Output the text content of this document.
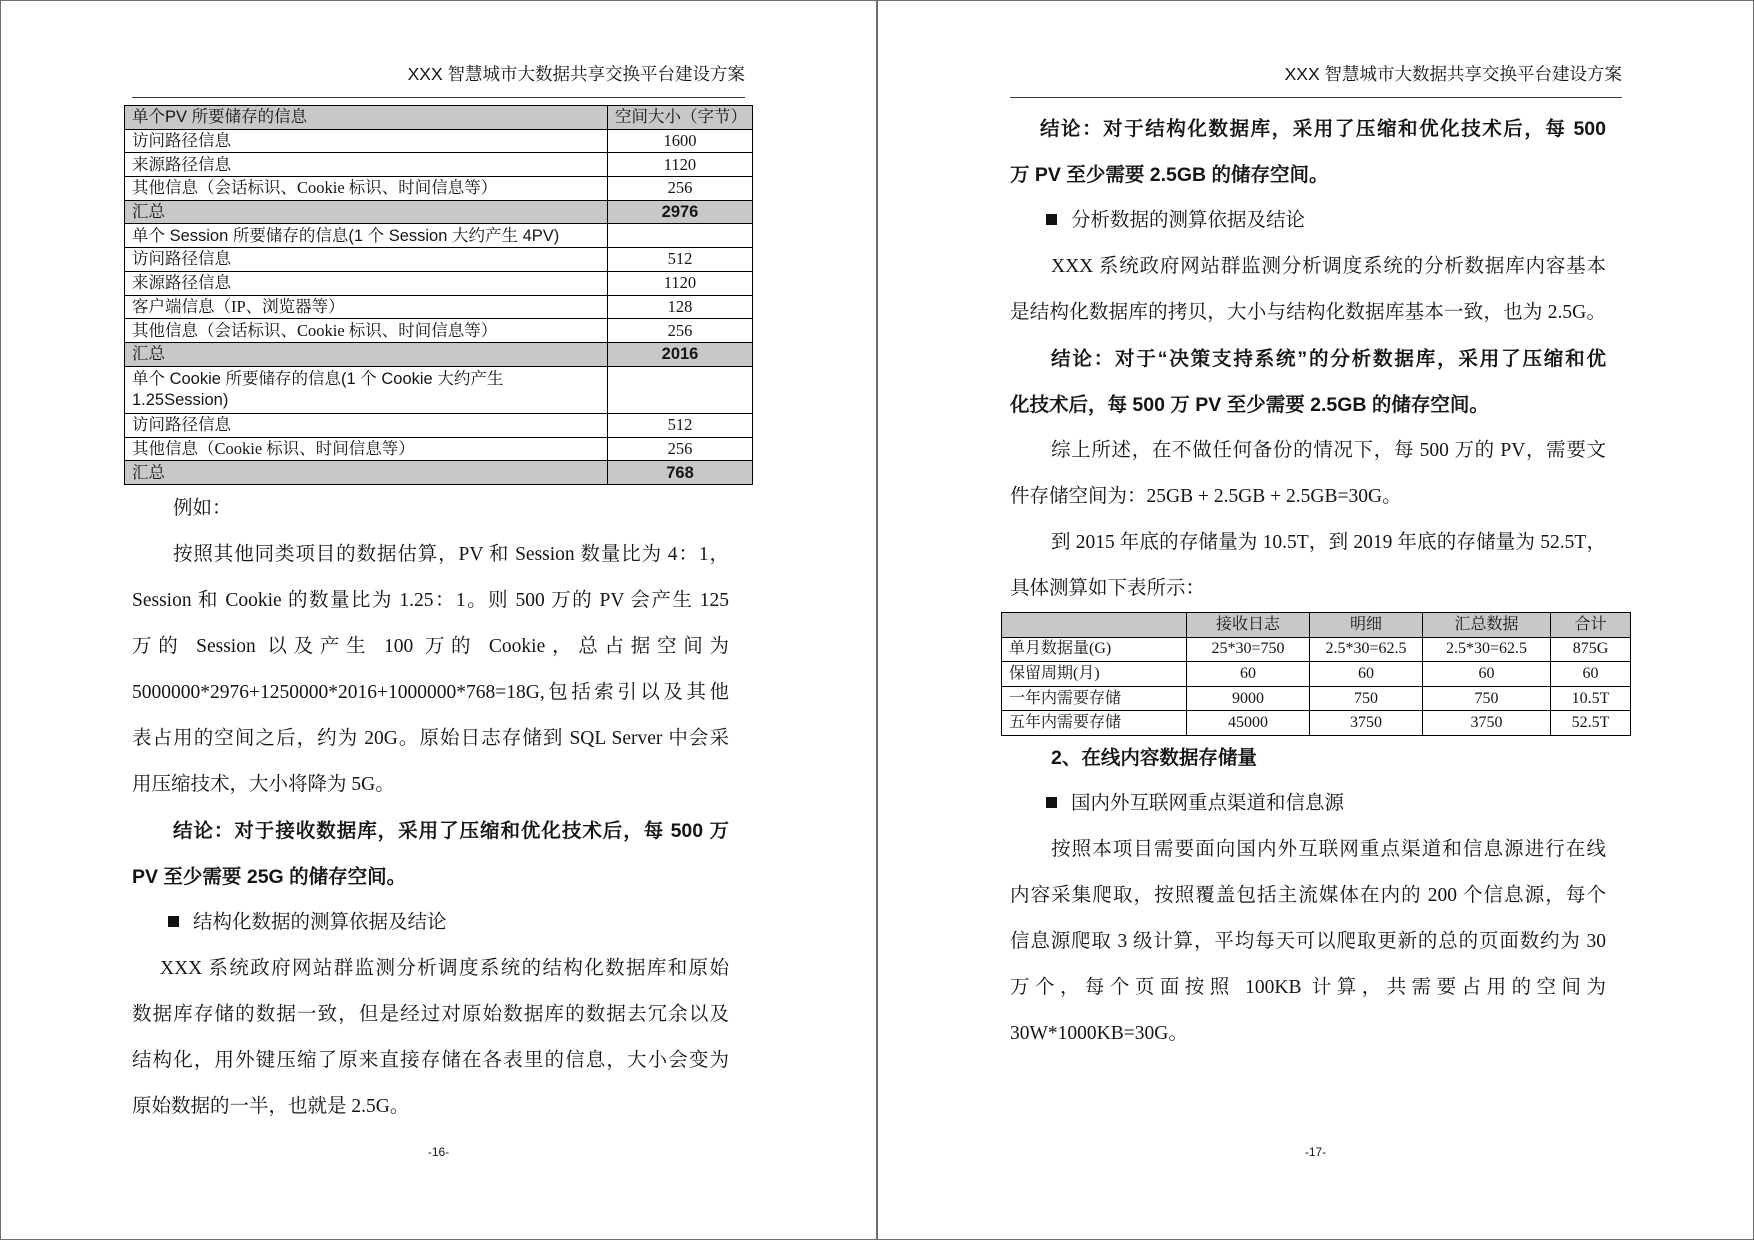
XXX 智慧城市大数据共享交换平台建设方案
单个PV 所要储存的信息	空间大小（字节）
访问路径信息	1600
来源路径信息	1120
其他信息（会话标识、Cookie 标识、时间信息等）	256
汇总	2976
单个 Session 所要储存的信息(1 个 Session 大约产生 4PV)	
访问路径信息	512
来源路径信息	1120
客户端信息（IP、浏览器等）	128
其他信息（会话标识、Cookie 标识、时间信息等）	256
汇总	2016

单个 Cookie 所要储存的信息(1 个 Cookie 大约产生
1.25Session)	

访问路径信息	512
其他信息（Cookie 标识、时间信息等）	256
汇总	768
例如：
按照其他同类项目的数据估算，PV 和 Session 数量比为 4：1，
Session 和 Cookie 的数量比为 1.25：1。则 500 万的 PV 会产生 125
万的 Session 以及产生 100 万的 Cookie，总占据空间为
5000000*2976+1250000*2016+1000000*768=18G,包括索引以及其他
表占用的空间之后，约为 20G。原始日志存储到 SQL Server 中会采
用压缩技术，大小将降为 5G。
结论：对于接收数据库，采用了压缩和优化技术后，每 500 万
PV 至少需要 25G 的储存空间。
结构化数据的测算依据及结论
XXX 系统政府网站群监测分析调度系统的结构化数据库和原始
数据库存储的数据一致，但是经过对原始数据库的数据去冗余以及
结构化，用外键压缩了原来直接存储在各表里的信息，大小会变为
原始数据的一半，也就是 2.5G。
-16-
XXX 智慧城市大数据共享交换平台建设方案
结论：对于结构化数据库，采用了压缩和优化技术后，每 500
万 PV 至少需要 2.5GB 的储存空间。
分析数据的测算依据及结论
XXX 系统政府网站群监测分析调度系统的分析数据库内容基本
是结构化数据库的拷贝，大小与结构化数据库基本一致，也为 2.5G。
结论：对于“决策支持系统”的分析数据库，采用了压缩和优
化技术后，每 500 万 PV 至少需要 2.5GB 的储存空间。
综上所述，在不做任何备份的情况下，每 500 万的 PV，需要文
件存储空间为：25GB + 2.5GB + 2.5GB=30G。
到 2015 年底的存储量为 10.5T，到 2019 年底的存储量为 52.5T，
具体测算如下表所示：
	接收日志	明细	汇总数据	合计
单月数据量(G)	25*30=750	2.5*30=62.5	2.5*30=62.5	875G
保留周期(月)	60	60	60	60
一年内需要存储	9000	750	750	10.5T
五年内需要存储	45000	3750	3750	52.5T
2、在线内容数据存储量
国内外互联网重点渠道和信息源
按照本项目需要面向国内外互联网重点渠道和信息源进行在线
内容采集爬取，按照覆盖包括主流媒体在内的 200 个信息源，每个
信息源爬取 3 级计算，平均每天可以爬取更新的总的页面数约为 30
万个，每个页面按照 100KB 计算，共需要占用的空间为
30W*1000KB=30G。
-17-
